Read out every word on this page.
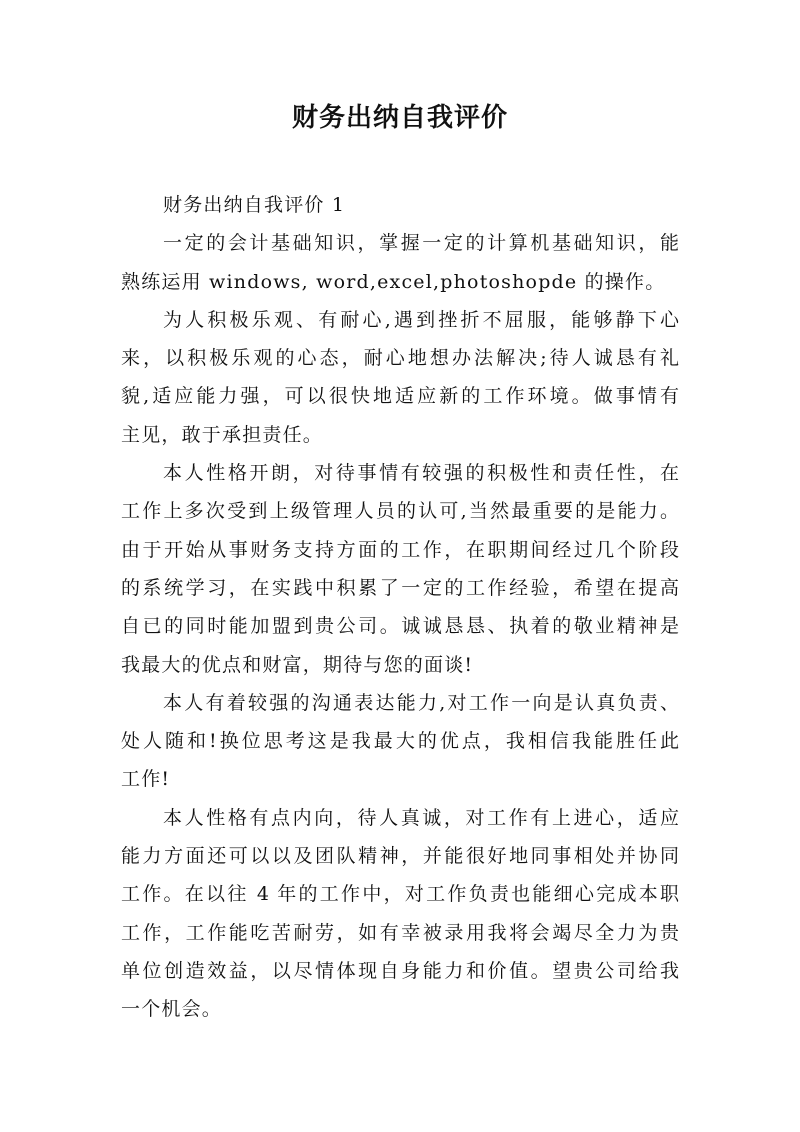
财务出纳自我评价
财务出纳自我评价 1
一定的会计基础知识，掌握一定的计算机基础知识，能
熟练运用 windows, word,excel,photoshopde 的操作。
为人积极乐观、有耐心,遇到挫折不屈服，能够静下心
来，以积极乐观的心态，耐心地想办法解决;待人诚恳有礼
貌,适应能力强，可以很快地适应新的工作环境。做事情有
主见，敢于承担责任。
本人性格开朗，对待事情有较强的积极性和责任性，在
工作上多次受到上级管理人员的认可,当然最重要的是能力。
由于开始从事财务支持方面的工作，在职期间经过几个阶段
的系统学习，在实践中积累了一定的工作经验，希望在提高
自已的同时能加盟到贵公司。诚诚恳恳、执着的敬业精神是
我最大的优点和财富，期待与您的面谈!
本人有着较强的沟通表达能力,对工作一向是认真负责、
处人随和!换位思考这是我最大的优点，我相信我能胜任此
工作!
本人性格有点内向，待人真诚，对工作有上进心，适应
能力方面还可以以及团队精神，并能很好地同事相处并协同
工作。在以往 4 年的工作中，对工作负责也能细心完成本职
工作，工作能吃苦耐劳，如有幸被录用我将会竭尽全力为贵
单位创造效益，以尽情体现自身能力和价值。望贵公司给我
一个机会。
